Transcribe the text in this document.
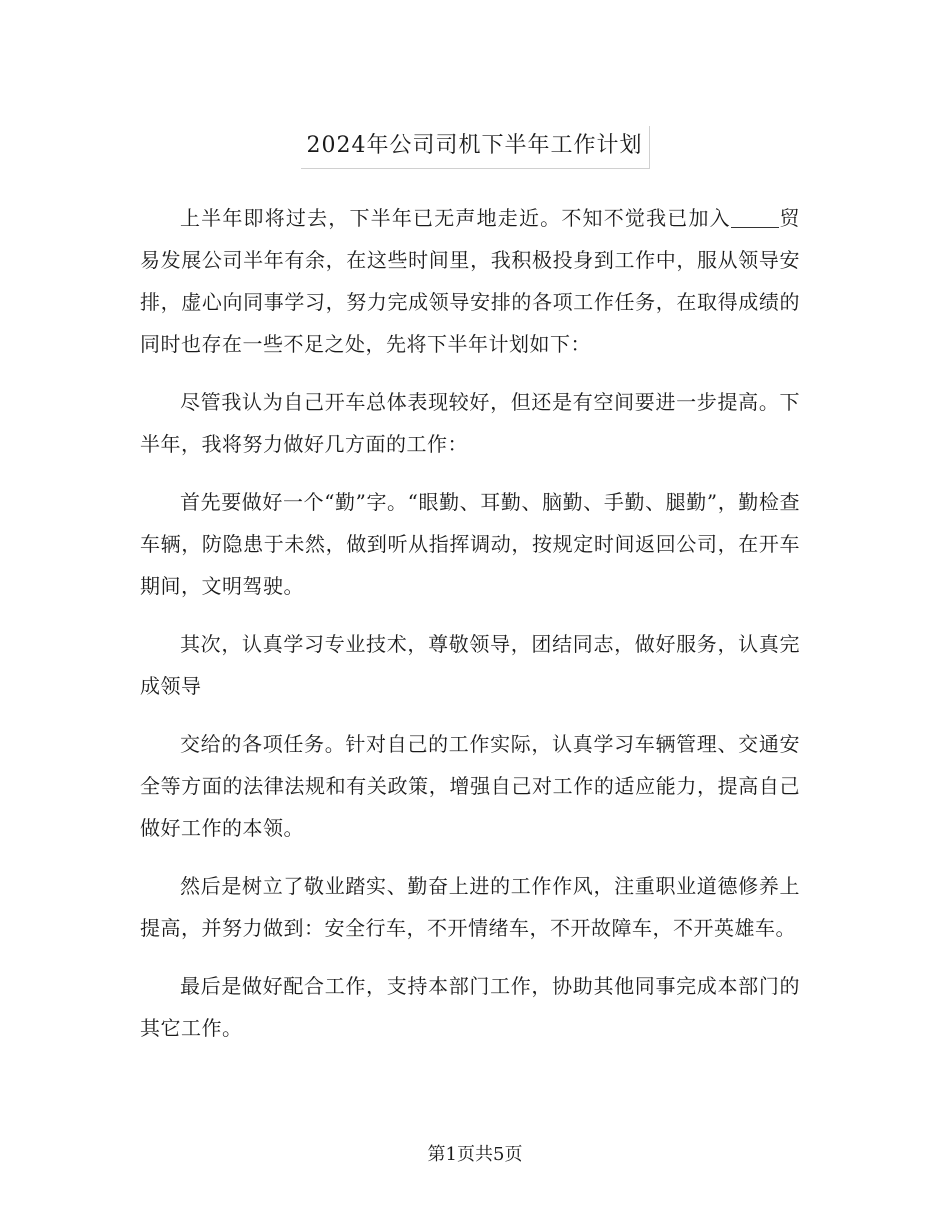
2024年公司司机下半年工作计划

上半年即将过去，下半年已无声地走近。不知不觉我已加入 贸易发展公司半年有余，在这些时间里，我积极投身到工作中，服从领导安排，虚心向同事学习，努力完成领导安排的各项工作任务，在取得成绩的同时也存在一些不足之处，先将下半年计划如下：

尽管我认为自己开车总体表现较好，但还是有空间要进一步提高。下半年，我将努力做好几方面的工作：

首先要做好一个“勤”字。“眼勤、耳勤、脑勤、手勤、腿勤”，勤检查车辆，防隐患于未然，做到听从指挥调动，按规定时间返回公司，在开车期间，文明驾驶。

其次，认真学习专业技术，尊敬领导，团结同志，做好服务，认真完成领导

交给的各项任务。针对自己的工作实际，认真学习车辆管理、交通安全等方面的法律法规和有关政策，增强自己对工作的适应能力，提高自己做好工作的本领。

然后是树立了敬业踏实、勤奋上进的工作作风，注重职业道德修养上提高，并努力做到：安全行车，不开情绪车，不开故障车，不开英雄车。

最后是做好配合工作，支持本部门工作，协助其他同事完成本部门的其它工作。

第1页共5页
